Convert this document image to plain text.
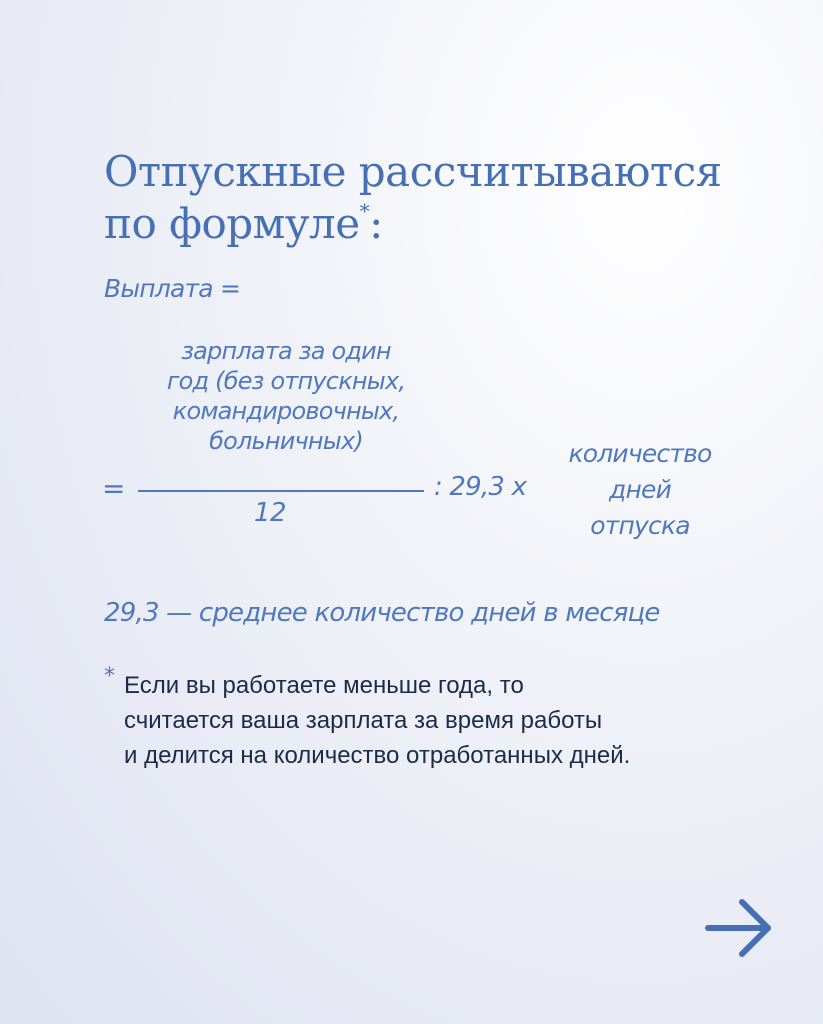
Отпускные рассчитываются
по формуле*:
Выплата =
зарплата за один
год (без отпускных,
командировочных,
больничных)
=
12
: 29,3 х
количество
дней
отпуска
29,3 — среднее количество дней в месяце
* Если вы работаете меньше года, то
считается ваша зарплата за время работы
и делится на количество отработанных дней.
